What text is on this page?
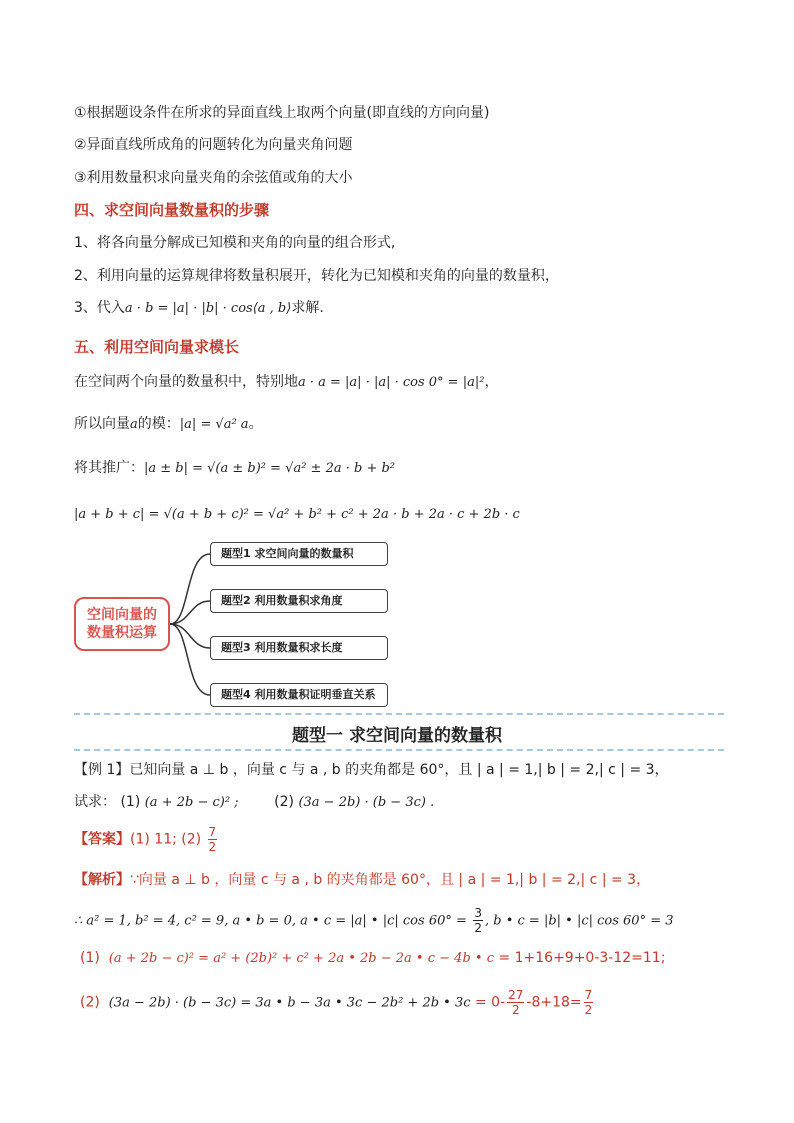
①根据题设条件在所求的异面直线上取两个向量(即直线的方向向量)
②异面直线所成角的问题转化为向量夹角问题
③利用数量积求向量夹角的余弦值或角的大小
四、求空间向量数量积的步骤
1、将各向量分解成已知模和夹角的向量的组合形式,
2、利用向量的运算规律将数量积展开，转化为已知模和夹角的向量的数量积，
3、代入a · b = |a| · |b| · cos⟨a , b⟩求解.
五、利用空间向量求模长
在空间两个向量的数量积中，特别地a · a = |a| · |a| · cos 0° = |a|²，
所以向量a的模：|a| = √a² a。
将其推广：|a ± b| = √(a ± b)² = √a² ± 2a · b + b²
|a + b + c| = √(a + b + c)² = √a² + b² + c² + 2a · b + 2a · c + 2b · c
空间向量的
数量积运算
题型1 求空间向量的数量积
题型2 利用数量积求角度
题型3 利用数量积求长度
题型4 利用数量积证明垂直关系
题型一 求空间向量的数量积
【例 1】已知向量 a ⊥ b ，向量 c 与 a , b 的夹角都是 60°，且 | a | = 1,| b | = 2,| c | = 3，
试求： (1) (a + 2b − c)² ;	(2) (3a − 2b) · (b − 3c) .
【答案】(1) 11; $(2) \frac{7}{2}$
【解析】∵向量 a ⊥ b ，向量 c 与 a , b 的夹角都是 60°，且 | a | = 1,| b | = 2,| c | = 3，
∴ a² = 1, b² = 4, c² = 9, a • b = 0, a • c = |a| • |c| $\cos 60^\circ = \frac{3}{2}$ , b • c = |b| • |c| cos 60° = 3
(1) (a + 2b − c)² = a² + (2b)² + c² + 2a • 2b − 2a • c − 4b • c = 1+16+9+0-3-12=11;
(2) (3a − 2b) · (b − 3c) = 3a • b − 3a • 3c − 2b² + 2b • $3c = 0- \frac{27}{2} -8+18= \frac{7}{2}$
